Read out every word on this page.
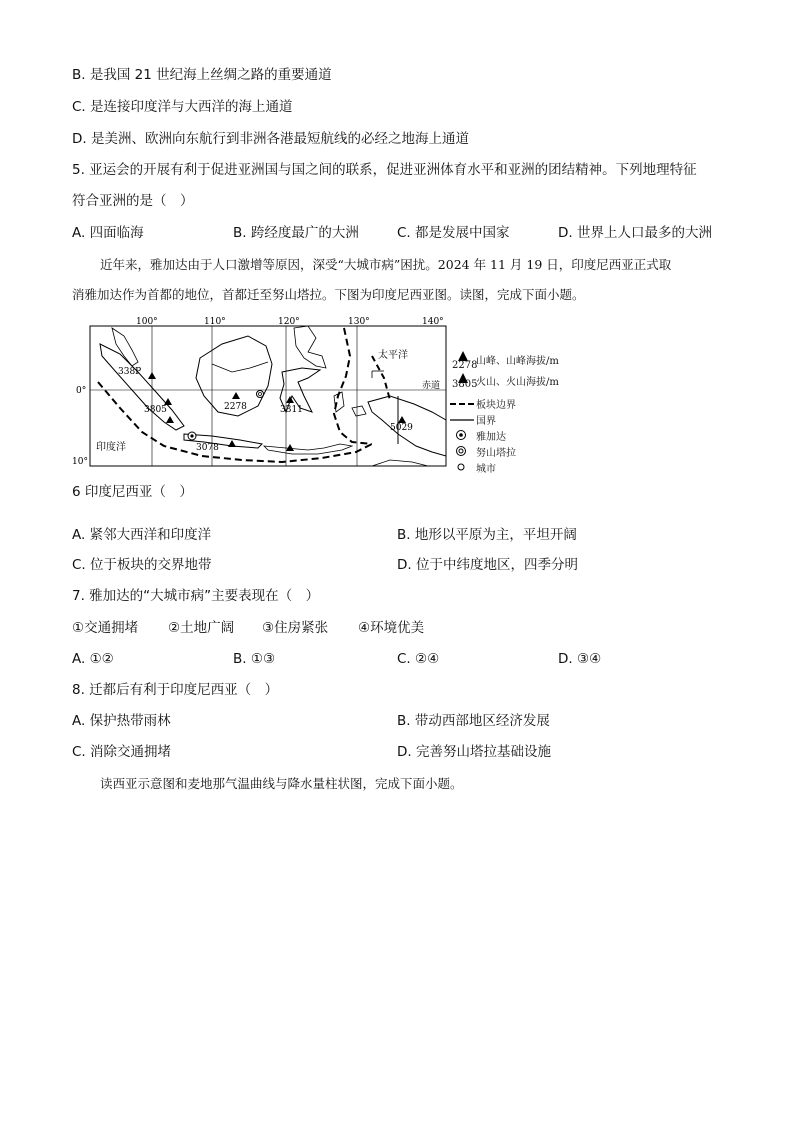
B. 是我国 21 世纪海上丝绸之路的重要通道
C. 是连接印度洋与大西洋的海上通道
D. 是美洲、欧洲向东航行到非洲各港最短航线的必经之地海上通道
5. 亚运会的开展有利于促进亚洲国与国之间的联系，促进亚洲体育水平和亚洲的团结精神。下列地理特征
符合亚洲的是（　）
A. 四面临海	B. 跨经度最广的大洲	C. 都是发展中国家	D. 世界上人口最多的大洲
近年来，雅加达由于人口激增等原因，深受“大城市病”困扰。2024 年 11 月 19 日，印度尼西亚正式取
消雅加达作为首都的地位，首都迁至努山塔拉。下图为印度尼西亚图。读图，完成下面小题。
100°	110°	120°	130°	140°
0°
10°
338P
3805	2278	3311
3078
5029
太平洋
印度洋
赤道
2278
山峰、山峰海拔/m
3805
火山、火山海拔/m
板块边界
国界
雅加达
努山塔拉
城市
6 印度尼西亚（　）
A. 紧邻大西洋和印度洋	B. 地形以平原为主，平坦开阔
C. 位于板块的交界地带	D. 位于中纬度地区，四季分明
7. 雅加达的“大城市病”主要表现在（　）
①交通拥堵 ②土地广阔 ③住房紧张 ④环境优美
A. ①②	B. ①③	C. ②④	D. ③④
8. 迁都后有利于印度尼西亚（　）
A. 保护热带雨林	B. 带动西部地区经济发展
C. 消除交通拥堵	D. 完善努山塔拉基础设施
读西亚示意图和麦地那气温曲线与降水量柱状图，完成下面小题。
